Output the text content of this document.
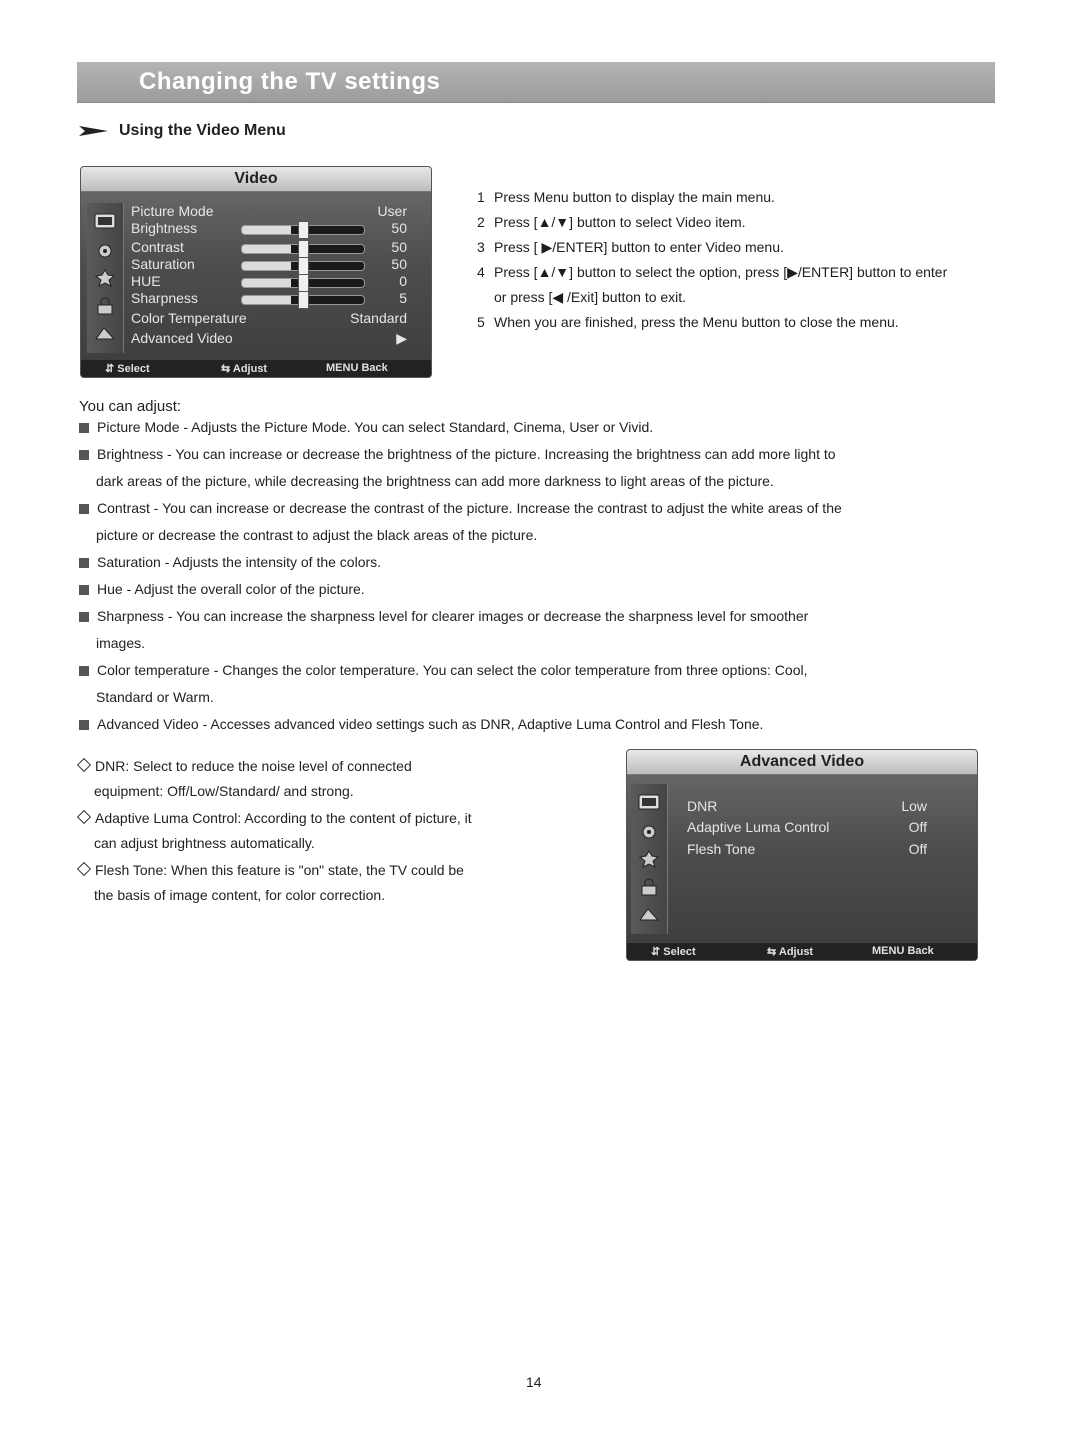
Changing the TV settings
Using the Video Menu
Video
Picture Mode	User
Brightness	50
Contrast	50
Saturation	50
HUE	0
Sharpness	5
Color Temperature	Standard
Advanced Video	▶
⇵ Select	⇆ Adjust	MENU Back
1 Press Menu button to display the main menu.
2 Press [▲/▼] button to select Video item.
3 Press [ ▶/ENTER] button to enter Video menu.
4 Press [▲/▼] button to select the option, press [▶/ENTER] button to enter
or press [◀ /Exit] button to exit.
5 When you are finished, press the Menu button to close the menu.
You can adjust:
Picture Mode - Adjusts the Picture Mode. You can select Standard, Cinema, User or Vivid.
Brightness - You can increase or decrease the brightness of the picture. Increasing the brightness can add more light to
dark areas of the picture, while decreasing the brightness can add more darkness to light areas of the picture.
Contrast - You can increase or decrease the contrast of the picture. Increase the contrast to adjust the white areas of the
picture or decrease the contrast to adjust the black areas of the picture.
Saturation - Adjusts the intensity of the colors.
Hue - Adjust the overall color of the picture.
Sharpness - You can increase the sharpness level for clearer images or decrease the sharpness level for smoother
images.
Color temperature - Changes the color temperature. You can select the color temperature from three options: Cool,
Standard or Warm.
Advanced Video - Accesses advanced video settings such as DNR, Adaptive Luma Control and Flesh Tone.
DNR: Select to reduce the noise level of connected
equipment: Off/Low/Standard/ and strong.
Adaptive Luma Control: According to the content of picture, it
can adjust brightness automatically.
Flesh Tone: When this feature is "on" state, the TV could be
the basis of image content, for color correction.
Advanced Video
DNR	Low
Adaptive Luma Control	Off
Flesh Tone	Off
⇵ Select	⇆ Adjust	MENU Back
14
